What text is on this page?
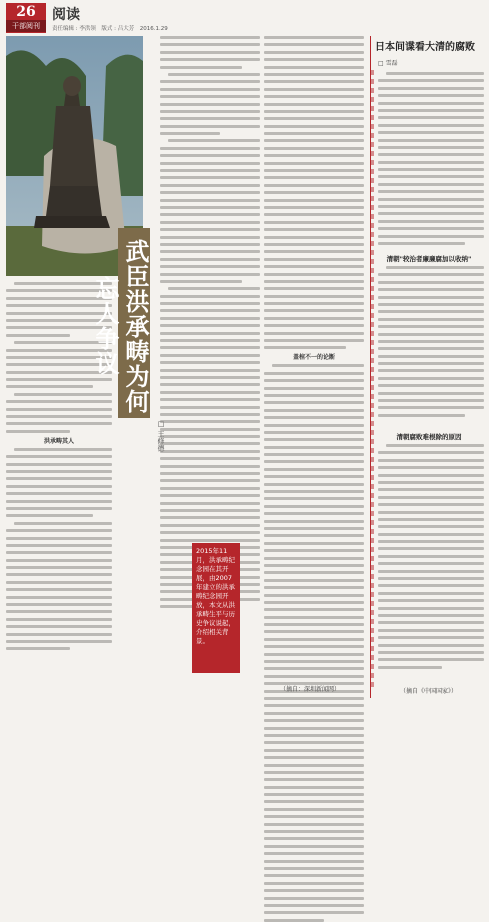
26
干部阅刊
阅读
责任编辑 : 李洪领　版式 : 吕大芳　2016.1.29
洪承畴其人
武臣洪承畴为何忘人争议
□ 王修德
2015年11月，洪承畴纪念园在其开展，由2007年建立的洪承畴纪念园开放，本文从洪承畴生平与历史争议说起，介绍相关背景。
盖棺不一的论断
（摘自：深圳新闻网）
日本间谍看大清的腐败
□ 雪磊
清朝"较治者廉廉腐加以收纳"
清朝腐败难根除的原因
（摘自《中国国家》）
